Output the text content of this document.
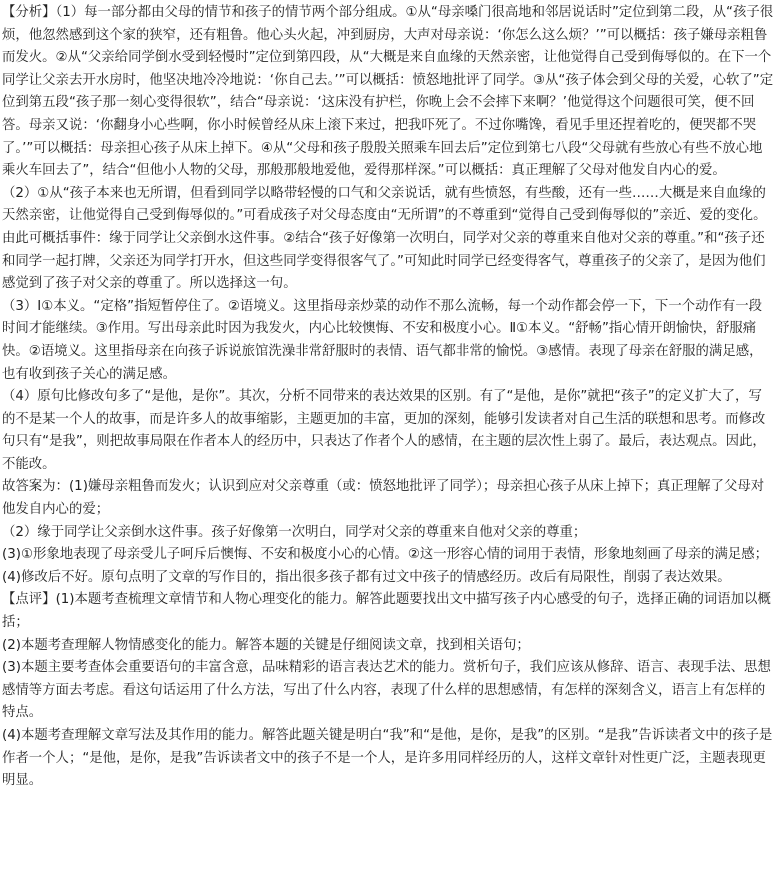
【分析】（1）每一部分都由父母的情节和孩子的情节两个部分组成。①从“母亲嗓门很高地和邻居说话时”定位到第二段，从“孩子很烦，他忽然感到这个家的狭窄，还有粗鲁。他心头火起，冲到厨房，大声对母亲说：‘你怎么这么烦？’”可以概括：孩子嫌母亲粗鲁而发火。②从“父亲给同学倒水受到轻慢时”定位到第四段，从“大概是来自血缘的天然亲密，让他觉得自己受到侮辱似的。在下一个同学让父亲去开水房时，他坚决地冷冷地说：‘你自己去。’”可以概括：愤怒地批评了同学。③从“孩子体会到父母的关爱，心软了”定位到第五段“孩子那一刻心变得很软”，结合“母亲说：‘这床没有护栏，你晚上会不会摔下来啊？’他觉得这个问题很可笑，便不回答。母亲又说：‘你翻身小心些啊，你小时候曾经从床上滚下来过，把我吓死了。不过你嘴馋，看见手里还捏着吃的，便哭都不哭了。’”可以概括：母亲担心孩子从床上掉下。④从“父母和孩子殷殷关照乘车回去后”定位到第七八段“父母就有些放心有些不放心地乘火车回去了”，结合“但他小人物的父母，那般那般地爱他，爱得那样深。”可以概括：真正理解了父母对他发自内心的爱。

（2）①从“孩子本来也无所谓，但看到同学以略带轻慢的口气和父亲说话，就有些愤怒，有些酸，还有一些……大概是来自血缘的天然亲密，让他觉得自己受到侮辱似的。”可看成孩子对父母态度由“无所谓”的不尊重到“觉得自己受到侮辱似的”亲近、爱的变化。由此可概括事件：缘于同学让父亲倒水这件事。②结合“孩子好像第一次明白，同学对父亲的尊重来自他对父亲的尊重。”和“孩子还和同学一起打牌，父亲还为同学打开水，但这些同学变得很客气了。”可知此时同学已经变得客气，尊重孩子的父亲了，是因为他们感觉到了孩子对父亲的尊重了。所以选择这一句。

（3）Ⅰ①本义。“定格”指短暂停住了。②语境义。这里指母亲炒菜的动作不那么流畅，每一个动作都会停一下，下一个动作有一段时间才能继续。③作用。写出母亲此时因为我发火，内心比较懊悔、不安和极度小心。Ⅱ①本义。“舒畅”指心情开朗愉快，舒服痛快。②语境义。这里指母亲在向孩子诉说旅馆洗澡非常舒服时的表情、语气都非常的愉悦。③感情。表现了母亲在舒服的满足感，也有收到孩子关心的满足感。

（4）原句比修改句多了“是他，是你”。其次，分析不同带来的表达效果的区别。有了“是他，是你”就把“孩子”的定义扩大了，写的不是某一个人的故事，而是许多人的故事缩影，主题更加的丰富，更加的深刻，能够引发读者对自己生活的联想和思考。而修改句只有“是我”，则把故事局限在作者本人的经历中，只表达了作者个人的感情，在主题的层次性上弱了。最后，表达观点。因此，不能改。

故答案为：(1)嫌母亲粗鲁而发火；认识到应对父亲尊重（或：愤怒地批评了同学）；母亲担心孩子从床上掉下；真正理解了父母对他发自内心的爱；

（2）缘于同学让父亲倒水这件事。孩子好像第一次明白，同学对父亲的尊重来自他对父亲的尊重；

(3)①形象地表现了母亲受儿子呵斥后懊悔、不安和极度小心的心情。②这一形容心情的词用于表情，形象地刻画了母亲的满足感；

(4)修改后不好。原句点明了文章的写作目的，指出很多孩子都有过文中孩子的情感经历。改后有局限性，削弱了表达效果。

【点评】(1)本题考查梳理文章情节和人物心理变化的能力。解答此题要找出文中描写孩子内心感受的句子，选择正确的词语加以概括；

(2)本题考查理解人物情感变化的能力。解答本题的关键是仔细阅读文章，找到相关语句；

(3)本题主要考查体会重要语句的丰富含意，品味精彩的语言表达艺术的能力。赏析句子，我们应该从修辞、语言、表现手法、思想感情等方面去考虑。看这句话运用了什么方法，写出了什么内容，表现了什么样的思想感情，有怎样的深刻含义，语言上有怎样的特点。

(4)本题考查理解文章写法及其作用的能力。解答此题关键是明白“我”和“是他，是你，是我”的区别。“是我”告诉读者文中的孩子是作者一个人；“是他，是你，是我”告诉读者文中的孩子不是一个人，是许多用同样经历的人，这样文章针对性更广泛，主题表现更明显。
